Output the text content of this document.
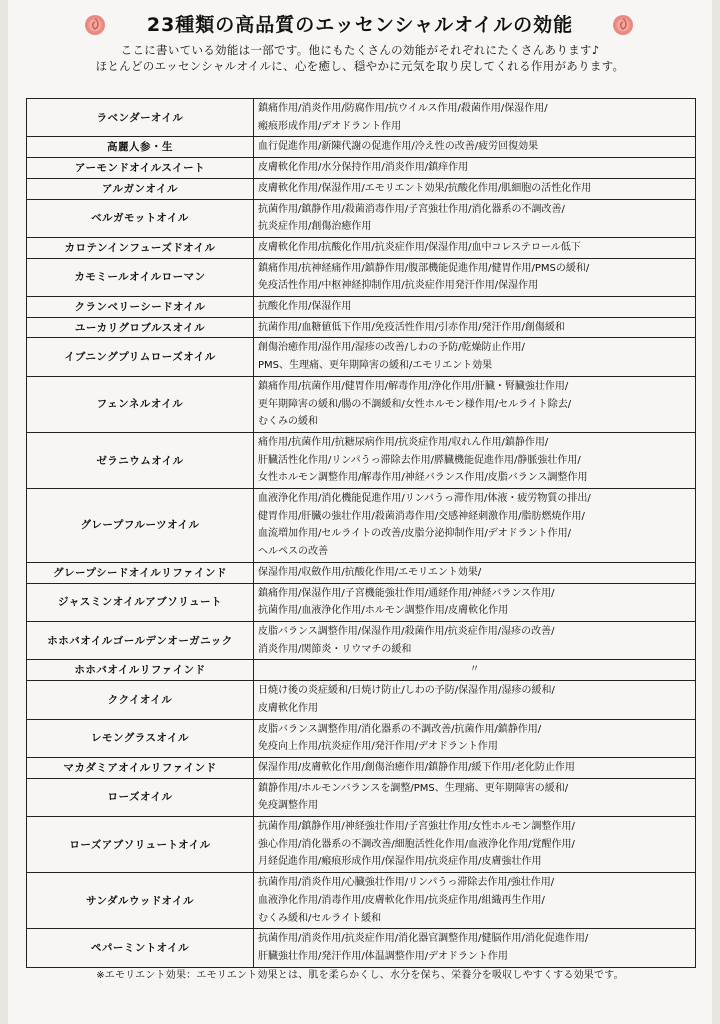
23種類の高品質のエッセンシャルオイルの効能
ここに書いている効能は一部です。他にもたくさんの効能がそれぞれにたくさんあります♪
ほとんどのエッセンシャルオイルに、心を癒し、穏やかに元気を取り戻してくれる作用があります。
ラベンダーオイル	鎮痛作用/消炎作用/防腐作用/抗ウイルス作用/殺菌作用/保湿作用/
瘢痕形成作用/デオドラント作用
高麗人参・生	血行促進作用/新陳代謝の促進作用/冷え性の改善/疲労回復効果
アーモンドオイルスイート	皮膚軟化作用/水分保持作用/消炎作用/鎮痒作用
アルガンオイル	皮膚軟化作用/保湿作用/エモリエント効果/抗酸化作用/肌細胞の活性化作用
ベルガモットオイル	抗菌作用/鎮静作用/殺菌消毒作用/子宮強壮作用/消化器系の不調改善/
抗炎症作用/創傷治癒作用
カロテンインフューズドオイル	皮膚軟化作用/抗酸化作用/抗炎症作用/保湿作用/血中コレステロール低下
カモミールオイルローマン	鎮痛作用/抗神経痛作用/鎮静作用/腹部機能促進作用/健胃作用/PMSの緩和/
免疫活性作用/中枢神経抑制作用/抗炎症作用発汗作用/保湿作用
クランベリーシードオイル	抗酸化作用/保湿作用
ユーカリグロブルスオイル	抗菌作用/血糖値低下作用/免疫活性作用/引赤作用/発汗作用/創傷緩和
イブニングプリムローズオイル	創傷治癒作用/湿作用/湿疹の改善/しわの予防/乾燥防止作用/
PMS、生理痛、更年期障害の緩和/エモリエント効果
フェンネルオイル	鎮痛作用/抗菌作用/健胃作用/解毒作用/浄化作用/肝臓・腎臓強壮作用/
更年期障害の緩和/腸の不調緩和/女性ホルモン様作用/セルライト除去/
むくみの緩和
ゼラニウムオイル	痛作用/抗菌作用/抗糖尿病作用/抗炎症作用/収れん作用/鎮静作用/
肝臓活性化作用/リンパうっ滞除去作用/膵臓機能促進作用/静脈強壮作用/
女性ホルモン調整作用/解毒作用/神経バランス作用/皮脂バランス調整作用
グレープフルーツオイル	血液浄化作用/消化機能促進作用/リンパうっ滞作用/体液・疲労物質の排出/
健胃作用/肝臓の強壮作用/殺菌消毒作用/交感神経刺激作用/脂肪燃焼作用/
血流増加作用/セルライトの改善/皮脂分泌抑制作用/デオドラント作用/
ヘルペスの改善
グレープシードオイルリファインド	保湿作用/収斂作用/抗酸化作用/エモリエント効果/
ジャスミンオイルアブソリュート	鎮痛作用/保湿作用/子宮機能強壮作用/通経作用/神経バランス作用/
抗菌作用/血液浄化作用/ホルモン調整作用/皮膚軟化作用
ホホバオイルゴールデンオーガニック	皮脂バランス調整作用/保湿作用/殺菌作用/抗炎症作用/湿疹の改善/
消炎作用/関節炎・リウマチの緩和
ホホバオイルリファインド	〃
ククイオイル	日焼け後の炎症緩和/日焼け防止/しわの予防/保湿作用/湿疹の緩和/
皮膚軟化作用
レモングラスオイル	皮脂バランス調整作用/消化器系の不調改善/抗菌作用/鎮静作用/
免疫向上作用/抗炎症作用/発汗作用/デオドラント作用
マカダミアオイルリファインド	保湿作用/皮膚軟化作用/創傷治癒作用/鎮静作用/緩下作用/老化防止作用
ローズオイル	鎮静作用/ホルモンバランスを調整/PMS、生理痛、更年期障害の緩和/
免疫調整作用
ローズアブソリュートオイル	抗菌作用/鎮静作用/神経強壮作用/子宮強壮作用/女性ホルモン調整作用/
強心作用/消化器系の不調改善/細胞活性化作用/血液浄化作用/覚醒作用/
月経促進作用/瘢痕形成作用/保湿作用/抗炎症作用/皮膚強壮作用
サンダルウッドオイル	抗菌作用/消炎作用/心臓強壮作用/リンパうっ滞除去作用/強壮作用/
血液浄化作用/消毒作用/皮膚軟化作用/抗炎症作用/組織再生作用/
むくみ緩和/セルライト緩和
ペパーミントオイル	抗菌作用/消炎作用/抗炎症作用/消化器官調整作用/健脳作用/消化促進作用/
肝臓強壮作用/発汗作用/体温調整作用/デオドラント作用
※エモリエント効果：エモリエント効果とは、肌を柔らかくし、水分を保ち、栄養分を吸収しやすくする効果です。
